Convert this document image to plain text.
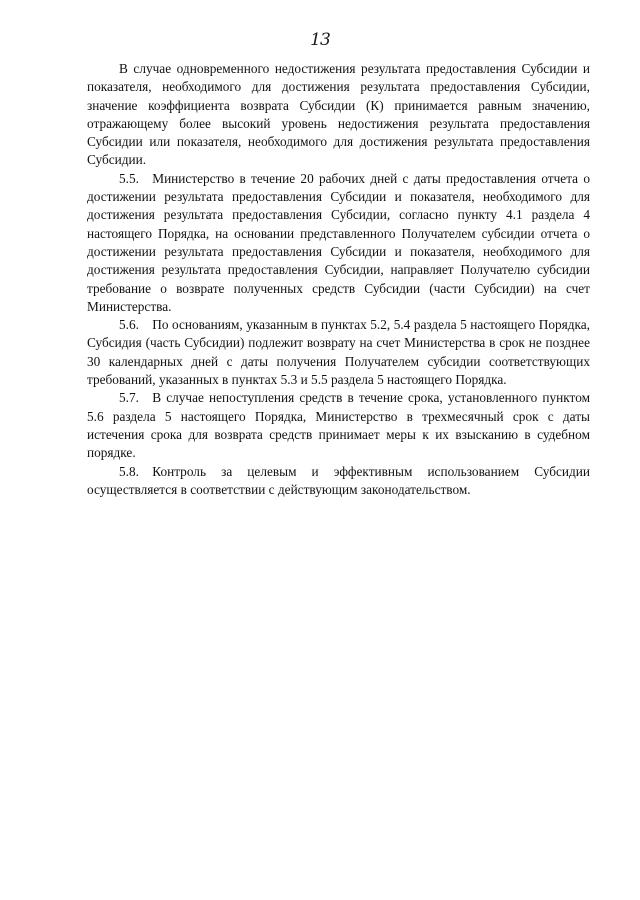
13

В случае одновременного недостижения результата предоставления Субсидии и показателя, необходимого для достижения результата предоставления Субсидии, значение коэффициента возврата Субсидии (К) принимается равным значению, отражающему более высокий уровень недостижения результата предоставления Субсидии или показателя, необходимого для достижения результата предоставления Субсидии.

5.5. Министерство в течение 20 рабочих дней с даты предоставления отчета о достижении результата предоставления Субсидии и показателя, необходимого для достижения результата предоставления Субсидии, согласно пункту 4.1 раздела 4 настоящего Порядка, на основании представленного Получателем субсидии отчета о достижении результата предоставления Субсидии и показателя, необходимого для достижения результата предоставления Субсидии, направляет Получателю субсидии требование о возврате полученных средств Субсидии (части Субсидии) на счет Министерства.

5.6. По основаниям, указанным в пунктах 5.2, 5.4 раздела 5 настоящего Порядка, Субсидия (часть Субсидии) подлежит возврату на счет Министерства в срок не позднее 30 календарных дней с даты получения Получателем субсидии соответствующих требований, указанных в пунктах 5.3 и 5.5 раздела 5 настоящего Порядка.

5.7. В случае непоступления средств в течение срока, установленного пунктом 5.6 раздела 5 настоящего Порядка, Министерство в трехмесячный срок с даты истечения срока для возврата средств принимает меры к их взысканию в судебном порядке.

5.8. Контроль за целевым и эффективным использованием Субсидии осуществляется в соответствии с действующим законодательством.
